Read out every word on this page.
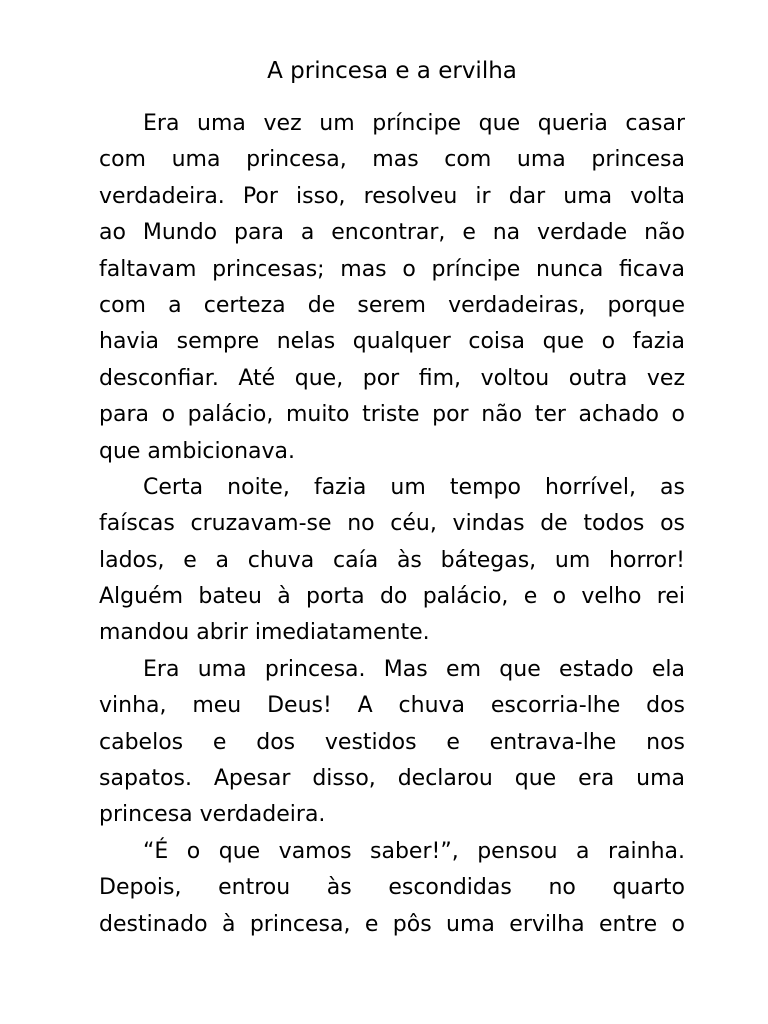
A princesa e a ervilha
Era uma vez um príncipe que queria casar
com uma princesa, mas com uma princesa
verdadeira. Por isso, resolveu ir dar uma volta
ao Mundo para a encontrar, e na verdade não
faltavam princesas; mas o príncipe nunca ficava
com a certeza de serem verdadeiras, porque
havia sempre nelas qualquer coisa que o fazia
desconfiar. Até que, por fim, voltou outra vez
para o palácio, muito triste por não ter achado o
que ambicionava.
Certa noite, fazia um tempo horrível, as
faíscas cruzavam-se no céu, vindas de todos os
lados, e a chuva caía às bátegas, um horror!
Alguém bateu à porta do palácio, e o velho rei
mandou abrir imediatamente.
Era uma princesa. Mas em que estado ela
vinha, meu Deus! A chuva escorria-lhe dos
cabelos e dos vestidos e entrava-lhe nos
sapatos. Apesar disso, declarou que era uma
princesa verdadeira.
“É o que vamos saber!”, pensou a rainha.
Depois, entrou às escondidas no quarto
destinado à princesa, e pôs uma ervilha entre o
